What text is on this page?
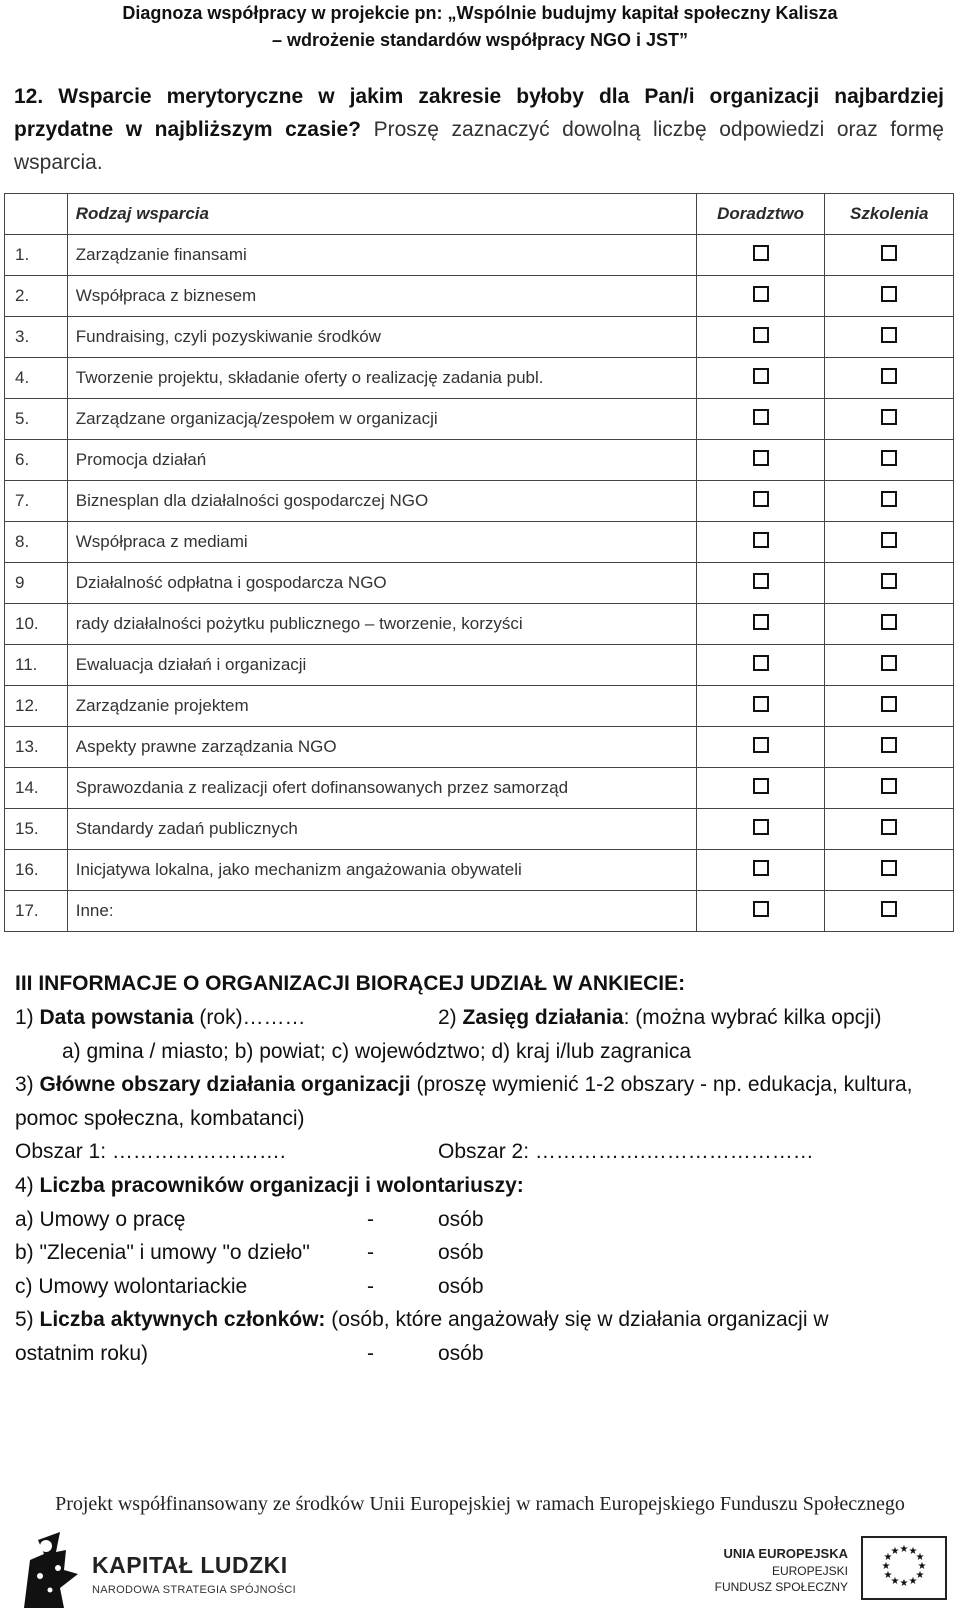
Diagnoza współpracy w projekcie pn: „Wspólnie budujmy kapitał społeczny Kalisza
– wdrożenie standardów współpracy NGO i JST”
12. Wsparcie merytoryczne w jakim zakresie byłoby dla Pan/i organizacji najbardziej przydatne w najbliższym czasie? Proszę zaznaczyć dowolną liczbę odpowiedzi oraz formę wsparcia.
	Rodzaj wsparcia	Doradztwo	Szkolenia
1.	Zarządzanie finansami		
2.	Współpraca z biznesem		
3.	Fundraising, czyli pozyskiwanie środków		
4.	Tworzenie projektu, składanie oferty o realizację zadania publ.		
5.	Zarządzane organizacją/zespołem w organizacji		
6.	Promocja działań		
7.	Biznesplan dla działalności gospodarczej NGO		
8.	Współpraca z mediami		
9	Działalność odpłatna i gospodarcza NGO		
10.	rady działalności pożytku publicznego – tworzenie, korzyści		
11.	Ewaluacja działań i organizacji		
12.	Zarządzanie projektem		
13.	Aspekty prawne zarządzania NGO		
14.	Sprawozdania z realizacji ofert dofinansowanych przez samorząd		
15.	Standardy zadań publicznych		
16.	Inicjatywa lokalna, jako mechanizm angażowania obywateli		
17.	Inne:		
III INFORMACJE O ORGANIZACJI BIORĄCEJ UDZIAŁ W ANKIECIE:
1) Data powstania (rok)………	2) Zasięg działania: (można wybrać kilka opcji)
a) gmina / miasto; b) powiat; c) województwo; d) kraj i/lub zagranica
3) Główne obszary działania organizacji (proszę wymienić 1-2 obszary - np. edukacja, kultura, pomoc społeczna, kombatanci)
Obszar 1: …………………….	Obszar 2: …………….……………………
4) Liczba pracowników organizacji i wolontariuszy:
a) Umowy o pracę	-	osób
b) "Zlecenia" i umowy "o dzieło"	-	osób
c) Umowy wolontariackie	-	osób
5) Liczba aktywnych członków: (osób, które angażowały się w działania organizacji w
ostatnim roku)	-	osób
Projekt współfinansowany ze środków Unii Europejskiej w ramach Europejskiego Funduszu Społecznego
KAPITAŁ LUDZKI
NARODOWA STRATEGIA SPÓJNOŚCI
UNIA EUROPEJSKA
EUROPEJSKI
FUNDUSZ SPOŁECZNY
★ ★
★
★
★
★
★
★
★
★
★
★
